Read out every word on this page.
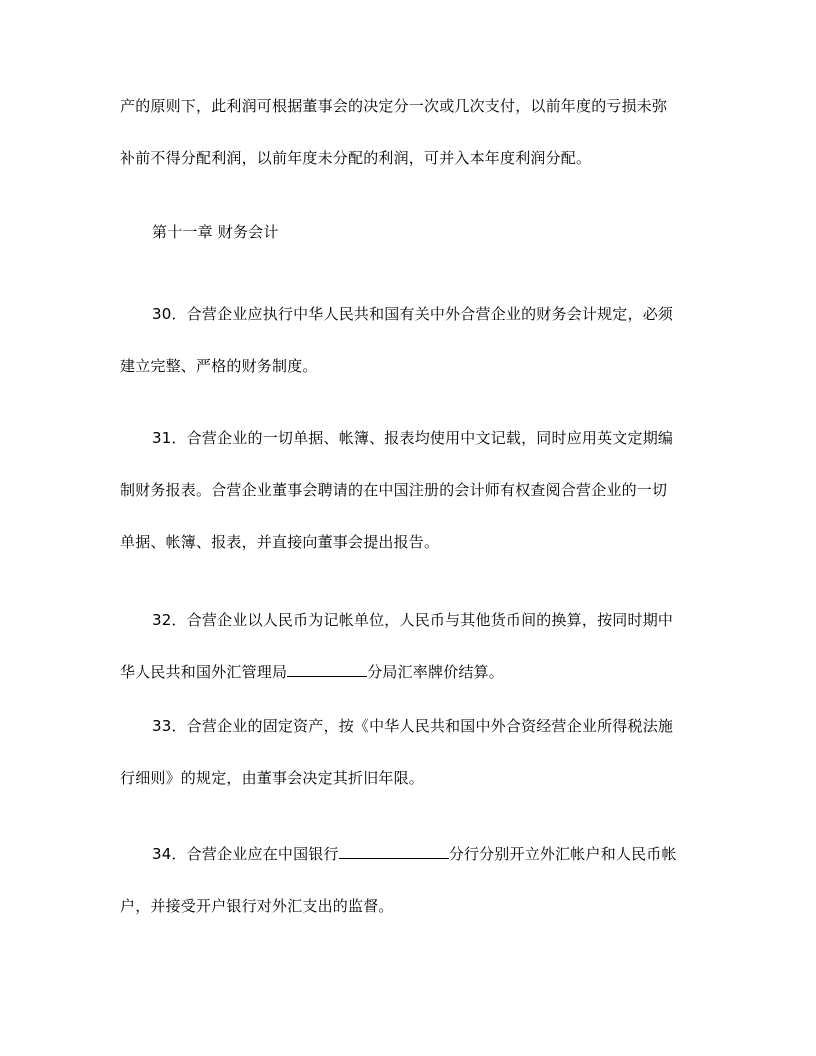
产的原则下，此利润可根据董事会的决定分一次或几次支付，以前年度的亏损未弥
补前不得分配利润，以前年度未分配的利润，可并入本年度利润分配。
第十一章 财务会计
30．合营企业应执行中华人民共和国有关中外合营企业的财务会计规定，必须
建立完整、严格的财务制度。
31．合营企业的一切单据、帐簿、报表均使用中文记载，同时应用英文定期编
制财务报表。合营企业董事会聘请的在中国注册的会计师有权查阅合营企业的一切
单据、帐簿、报表，并直接向董事会提出报告。
32．合营企业以人民币为记帐单位，人民币与其他货币间的换算，按同时期中
华人民共和国外汇管理局	分局汇率牌价结算。
33．合营企业的固定资产，按《中华人民共和国中外合资经营企业所得税法施
行细则》的规定，由董事会决定其折旧年限。
34．合营企业应在中国银行	分行分别开立外汇帐户和人民币帐
户，并接受开户银行对外汇支出的监督。
